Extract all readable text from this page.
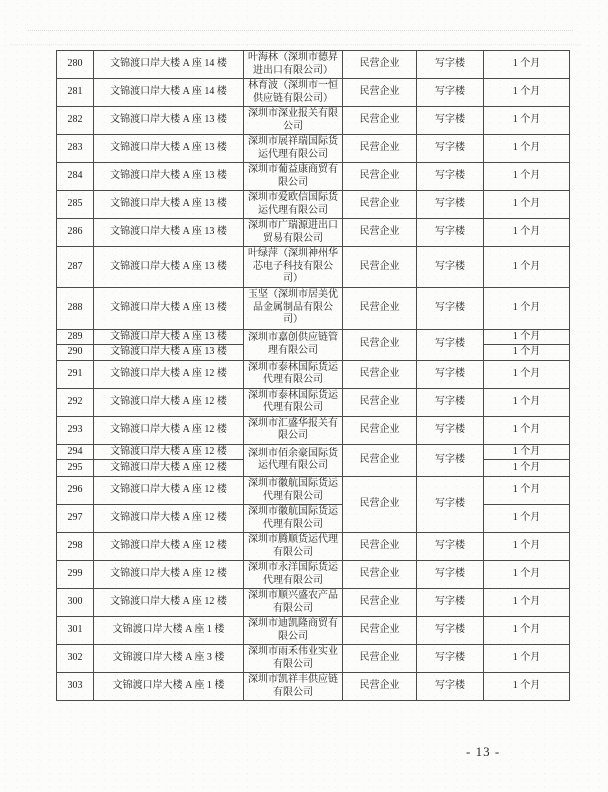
280	文锦渡口岸大楼 A 座 14 楼	叶海林（深圳市德昇进出口有限公司）	民营企业	写字楼	1 个月
281	文锦渡口岸大楼 A 座 14 楼	林育波（深圳市一恒供应链有限公司）	民营企业	写字楼	1 个月
282	文锦渡口岸大楼 A 座 13 楼	深圳市深业报关有限公司	民营企业	写字楼	1 个月
283	文锦渡口岸大楼 A 座 13 楼	深圳市展祥瑞国际货运代理有限公司	民营企业	写字楼	1 个月
284	文锦渡口岸大楼 A 座 13 楼	深圳市葡益康商贸有限公司	民营企业	写字楼	1 个月
285	文锦渡口岸大楼 A 座 13 楼	深圳市爱欧信国际货运代理有限公司	民营企业	写字楼	1 个月
286	文锦渡口岸大楼 A 座 13 楼	深圳市广瑞源进出口贸易有限公司	民营企业	写字楼	1 个月
287	文锦渡口岸大楼 A 座 13 楼	叶绿萍（深圳神州华芯电子科技有限公司）	民营企业	写字楼	1 个月
288	文锦渡口岸大楼 A 座 13 楼	玉坚（深圳市居美优品金属制品有限公司）	民营企业	写字楼	1 个月
289	文锦渡口岸大楼 A 座 13 楼	深圳市嘉创供应链管理有限公司	民营企业	写字楼	1 个月
290	文锦渡口岸大楼 A 座 13 楼				1 个月
291	文锦渡口岸大楼 A 座 12 楼	深圳市泰林国际货运代理有限公司	民营企业	写字楼	1 个月
292	文锦渡口岸大楼 A 座 12 楼	深圳市泰林国际货运代理有限公司	民营企业	写字楼	1 个月
293	文锦渡口岸大楼 A 座 12 楼	深圳市汇盛华报关有限公司	民营企业	写字楼	1 个月
294	文锦渡口岸大楼 A 座 12 楼	深圳市佰余豪国际货运代理有限公司	民营企业	写字楼	1 个月
295	文锦渡口岸大楼 A 座 12 楼				1 个月
296	文锦渡口岸大楼 A 座 12 楼	深圳市徽航国际货运代理有限公司	民营企业	写字楼	1 个月
297	文锦渡口岸大楼 A 座 12 楼	深圳市徽航国际货运代理有限公司			1 个月
298	文锦渡口岸大楼 A 座 12 楼	深圳市腾顺货运代理有限公司	民营企业	写字楼	1 个月
299	文锦渡口岸大楼 A 座 12 楼	深圳市永洋国际货运代理有限公司	民营企业	写字楼	1 个月
300	文锦渡口岸大楼 A 座 12 楼	深圳市顺兴盛农产品有限公司	民营企业	写字楼	1 个月
301	文锦渡口岸大楼 A 座 1 楼	深圳市迪凯隆商贸有限公司	民营企业	写字楼	1 个月
302	文锦渡口岸大楼 A 座 3 楼	深圳市雨禾伟业实业有限公司	民营企业	写字楼	1 个月
303	文锦渡口岸大楼 A 座 1 楼	深圳市凯祥丰供应链有限公司	民营企业	写字楼	1 个月
- 13 -
